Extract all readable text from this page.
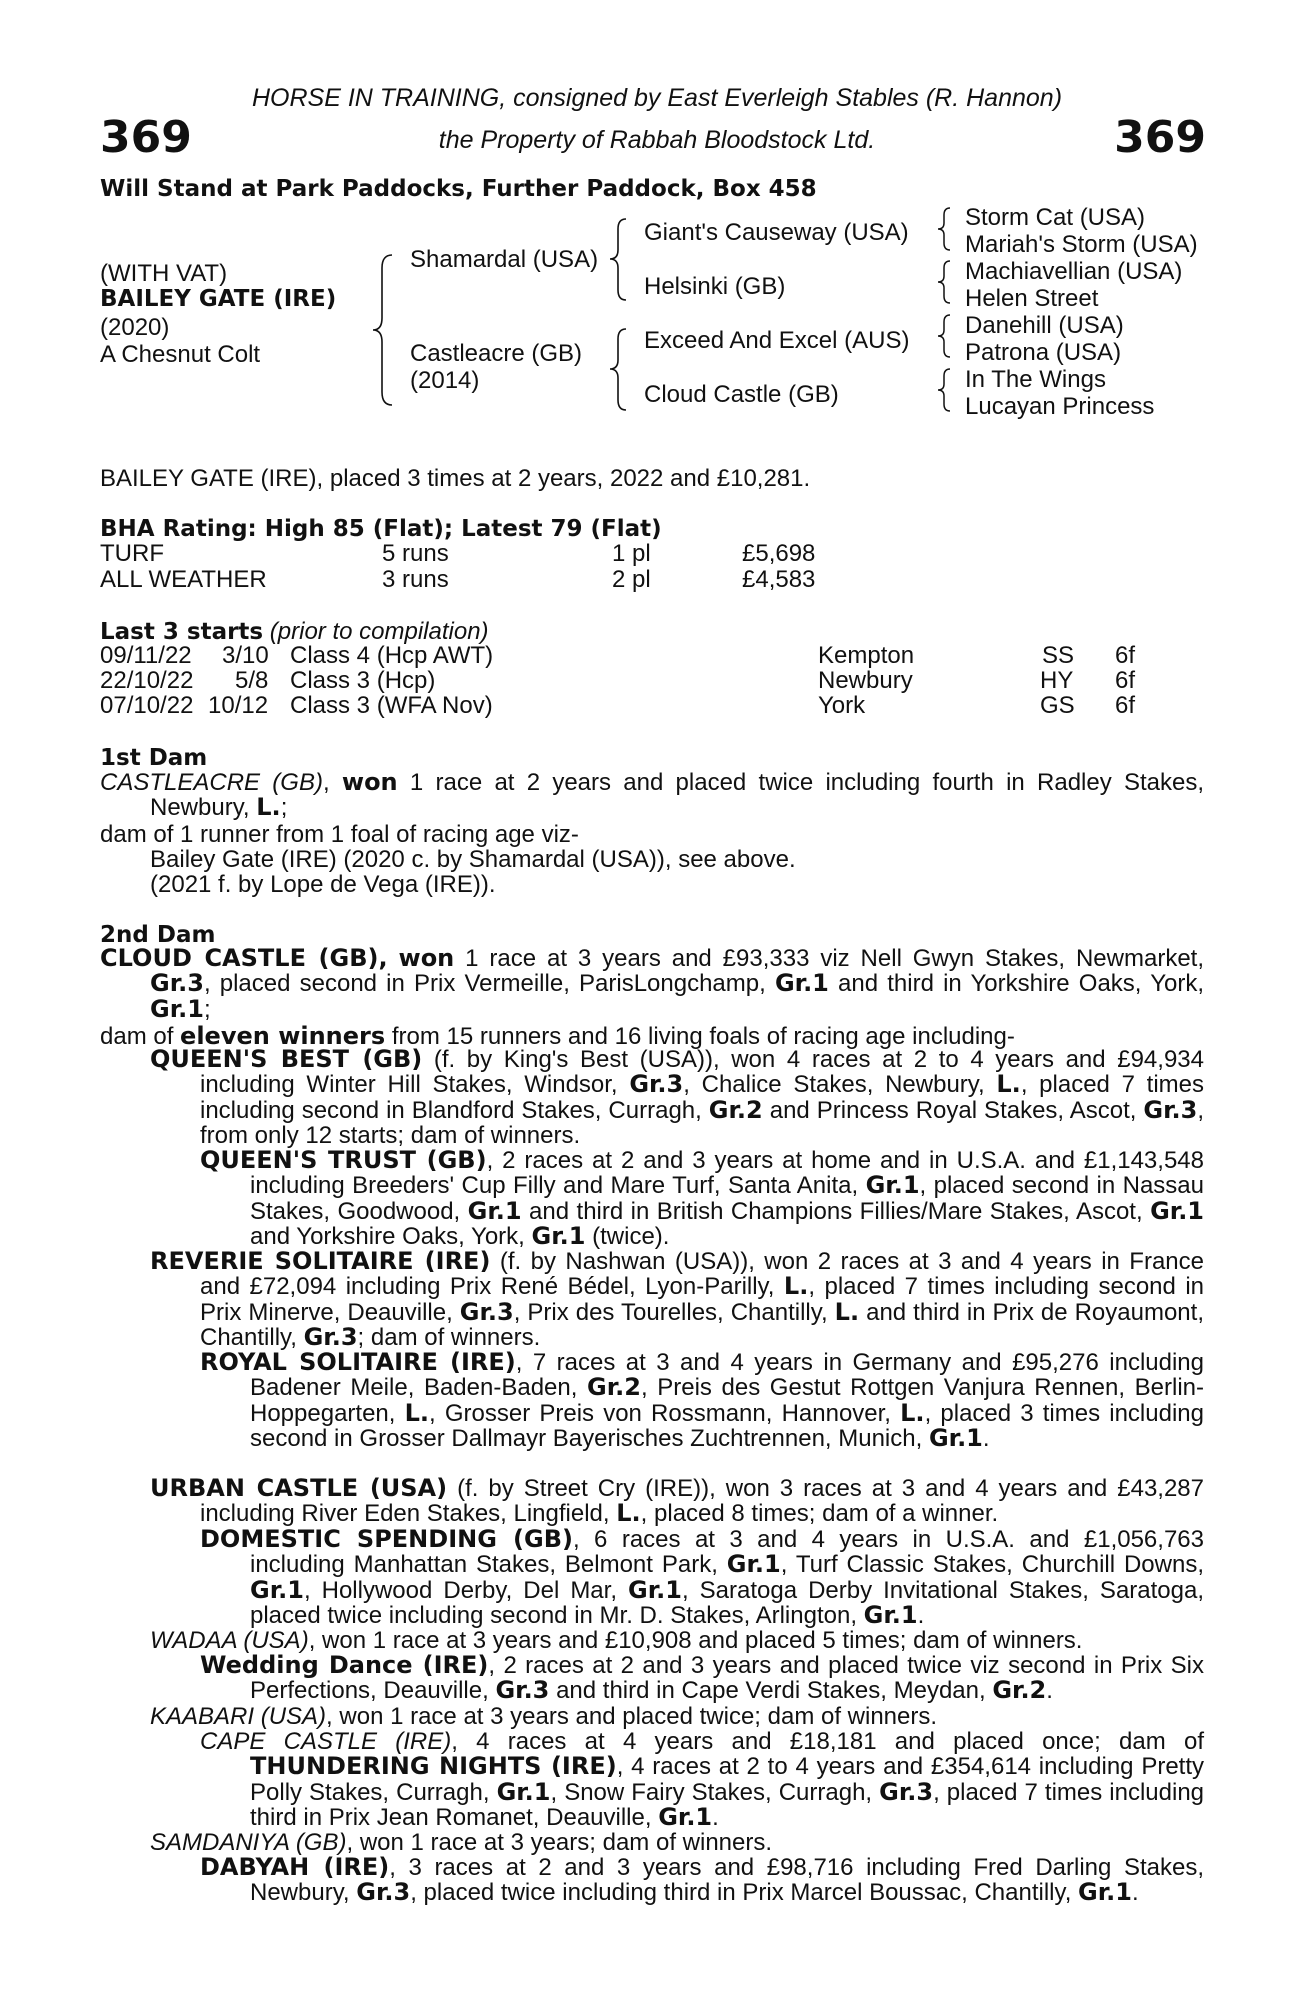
369	369
HORSE IN TRAINING, consigned by East Everleigh Stables (R. Hannon)
the Property of Rabbah Bloodstock Ltd.
Will Stand at Park Paddocks, Further Paddock, Box 458
(WITH VAT)
BAILEY GATE (IRE)
(2020)
A Chesnut Colt
Shamardal (USA)
Castleacre (GB)
(2014)
Giant's Causeway (USA)
Helsinki (GB)
Exceed And Excel (AUS)
Cloud Castle (GB)
Storm Cat (USA)
Mariah's Storm (USA)
Machiavellian (USA)
Helen Street
Danehill (USA)
Patrona (USA)
In The Wings
Lucayan Princess
BAILEY GATE (IRE), placed 3 times at 2 years, 2022 and £10,281.
BHA Rating: High 85 (Flat); Latest 79 (Flat)
TURF	5 runs	1 pl	£5,698
ALL WEATHER	3 runs	2 pl	£4,583
Last 3 starts (prior to compilation)
09/11/22 3/10 Class 4 (Hcp AWT)	Kempton	SS 6f
22/10/22 5/8 Class 3 (Hcp)	Newbury	HY 6f
07/10/22 10/12 Class 3 (WFA Nov)	York	GS 6f
1st Dam

CASTLEACRE (GB), won 1 race at 2 years and placed twice including fourth in Radley Stakes, Newbury, L.;

dam of 1 runner from 1 foal of racing age viz-
Bailey Gate (IRE) (2020 c. by Shamardal (USA)), see above.
(2021 f. by Lope de Vega (IRE)).
2nd Dam

CLOUD CASTLE (GB), won 1 race at 3 years and £93,333 viz Nell Gwyn Stakes, Newmarket, Gr.3, placed second in Prix Vermeille, ParisLongchamp, Gr.1 and third in Yorkshire Oaks, York, Gr.1;

dam of eleven winners from 15 runners and 16 living foals of racing age including-

QUEEN'S BEST (GB) (f. by King's Best (USA)), won 4 races at 2 to 4 years and £94,934 including Winter Hill Stakes, Windsor, Gr.3, Chalice Stakes, Newbury, L., placed 7 times including second in Blandford Stakes, Curragh, Gr.2 and Princess Royal Stakes, Ascot, Gr.3, from only 12 starts; dam of winners.

QUEEN'S TRUST (GB), 2 races at 2 and 3 years at home and in U.S.A. and £1,143,548 including Breeders' Cup Filly and Mare Turf, Santa Anita, Gr.1, placed second in Nassau Stakes, Goodwood, Gr.1 and third in British Champions Fillies/Mare Stakes, Ascot, Gr.1 and Yorkshire Oaks, York, Gr.1 (twice).

REVERIE SOLITAIRE (IRE) (f. by Nashwan (USA)), won 2 races at 3 and 4 years in France and £72,094 including Prix René Bédel, Lyon-Parilly, L., placed 7 times including second in Prix Minerve, Deauville, Gr.3, Prix des Tourelles, Chantilly, L. and third in Prix de Royaumont, Chantilly, Gr.3; dam of winners.

ROYAL SOLITAIRE (IRE), 7 races at 3 and 4 years in Germany and £95,276 including Badener Meile, Baden-Baden, Gr.2, Preis des Gestut Rottgen Vanjura Rennen, Berlin-Hoppegarten, L., Grosser Preis von Rossmann, Hannover, L., placed 3 times including second in Grosser Dallmayr Bayerisches Zuchtrennen, Munich, Gr.1.

URBAN CASTLE (USA) (f. by Street Cry (IRE)), won 3 races at 3 and 4 years and £43,287 including River Eden Stakes, Lingfield, L., placed 8 times; dam of a winner.

DOMESTIC SPENDING (GB), 6 races at 3 and 4 years in U.S.A. and £1,056,763 including Manhattan Stakes, Belmont Park, Gr.1, Turf Classic Stakes, Churchill Downs, Gr.1, Hollywood Derby, Del Mar, Gr.1, Saratoga Derby Invitational Stakes, Saratoga, placed twice including second in Mr. D. Stakes, Arlington, Gr.1.

WADAA (USA), won 1 race at 3 years and £10,908 and placed 5 times; dam of winners.

Wedding Dance (IRE), 2 races at 2 and 3 years and placed twice viz second in Prix Six Perfections, Deauville, Gr.3 and third in Cape Verdi Stakes, Meydan, Gr.2.

KAABARI (USA), won 1 race at 3 years and placed twice; dam of winners.

CAPE CASTLE (IRE), 4 races at 4 years and £18,181 and placed once; dam of THUNDERING NIGHTS (IRE), 4 races at 2 to 4 years and £354,614 including Pretty Polly Stakes, Curragh, Gr.1, Snow Fairy Stakes, Curragh, Gr.3, placed 7 times including third in Prix Jean Romanet, Deauville, Gr.1.

SAMDANIYA (GB), won 1 race at 3 years; dam of winners.

DABYAH (IRE), 3 races at 2 and 3 years and £98,716 including Fred Darling Stakes, Newbury, Gr.3, placed twice including third in Prix Marcel Boussac, Chantilly, Gr.1.
